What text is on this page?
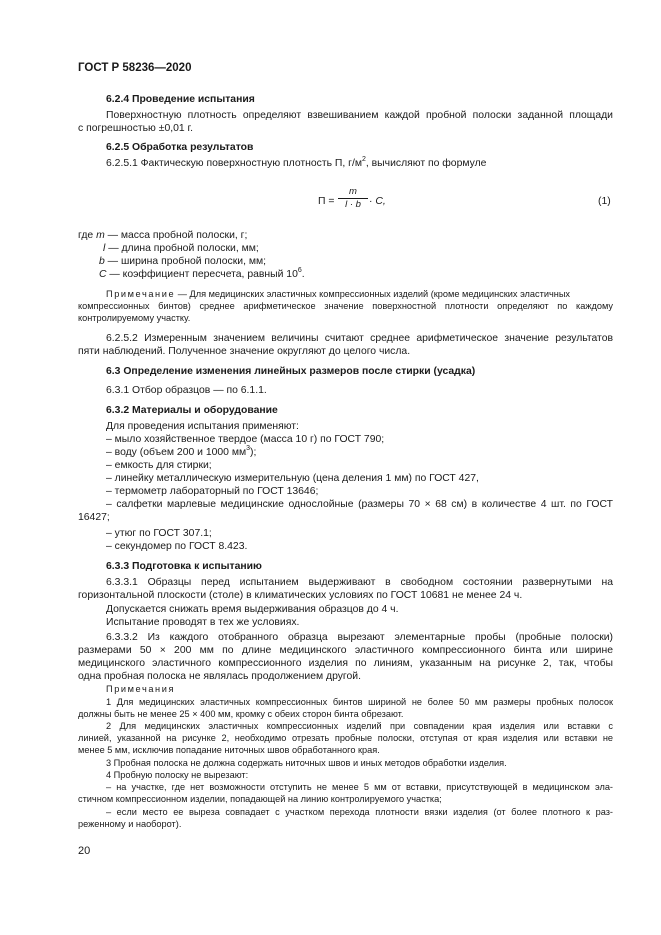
ГОСТ Р 58236—2020
6.2.4 Проведение испытания
Поверхностную плотность определяют взвешиванием каждой пробной полоски заданной площади
с погрешностью ±0,01 г.
6.2.5 Обработка результатов
6.2.5.1 Фактическую поверхностную плотность П, $г/м^2$, вычисляют по формуле
$П = \frac{m}{l \cdot b} \cdot C$,	(1)
где m — масса пробной полоски, г;
l — длина пробной полоски, мм;
b — ширина пробной полоски, мм;
C — коэффициент пересчета, равный $10^6$.
Примечание — Для медицинских эластичных компрессионных изделий (кроме медицинских эластичных
компрессионных бинтов) среднее арифметическое значение поверхностной плотности определяют по каждому
контролируемому участку.
6.2.5.2 Измеренным значением величины считают среднее арифметическое значение результатов
пяти наблюдений. Полученное значение округляют до целого числа.
6.3 Определение изменения линейных размеров после стирки (усадка)
6.3.1 Отбор образцов — по 6.1.1.
6.3.2 Материалы и оборудование
Для проведения испытания применяют:
– мыло хозяйственное твердое (масса 10 г) по ГОСТ 790;
– воду (объем 200 и 1000 $мм^3$);
– емкость для стирки;
– линейку металлическую измерительную (цена деления 1 мм) по ГОСТ 427,
– термометр лабораторный по ГОСТ 13646;
– салфетки марлевые медицинские однослойные (размеры 70 × 68 см) в количестве 4 шт. по ГОСТ
16427;
– утюг по ГОСТ 307.1;
– секундомер по ГОСТ 8.423.
6.3.3 Подготовка к испытанию
6.3.3.1 Образцы перед испытанием выдерживают в свободном состоянии развернутыми на
горизонтальной плоскости (столе) в климатических условиях по ГОСТ 10681 не менее 24 ч.
Допускается снижать время выдерживания образцов до 4 ч.
Испытание проводят в тех же условиях.
6.3.3.2 Из каждого отобранного образца вырезают элементарные пробы (пробные полоски)
размерами 50 × 200 мм по длине медицинского эластичного компрессионного бинта или ширине
медицинского эластичного компрессионного изделия по линиям, указанным на рисунке 2, так, чтобы
одна пробная полоска не являлась продолжением другой.
Примечания
1 Для медицинских эластичных компрессионных бинтов шириной не более 50 мм размеры пробных полосок
должны быть не менее 25 × 400 мм, кромку с обеих сторон бинта обрезают.
2 Для медицинских эластичных компрессионных изделий при совпадении края изделия или вставки с
линией, указанной на рисунке 2, необходимо отрезать пробные полоски, отступая от края изделия или вставки не
менее 5 мм, исключив попадание ниточных швов обработанного края.
3 Пробная полоска не должна содержать ниточных швов и иных методов обработки изделия.
4 Пробную полоску не вырезают:
– на участке, где нет возможности отступить не менее 5 мм от вставки, присутствующей в медицинском эла-
стичном компрессионном изделии, попадающей на линию контролируемого участка;
– если место ее выреза совпадает с участком перехода плотности вязки изделия (от более плотного к раз-
реженному и наоборот).
20
